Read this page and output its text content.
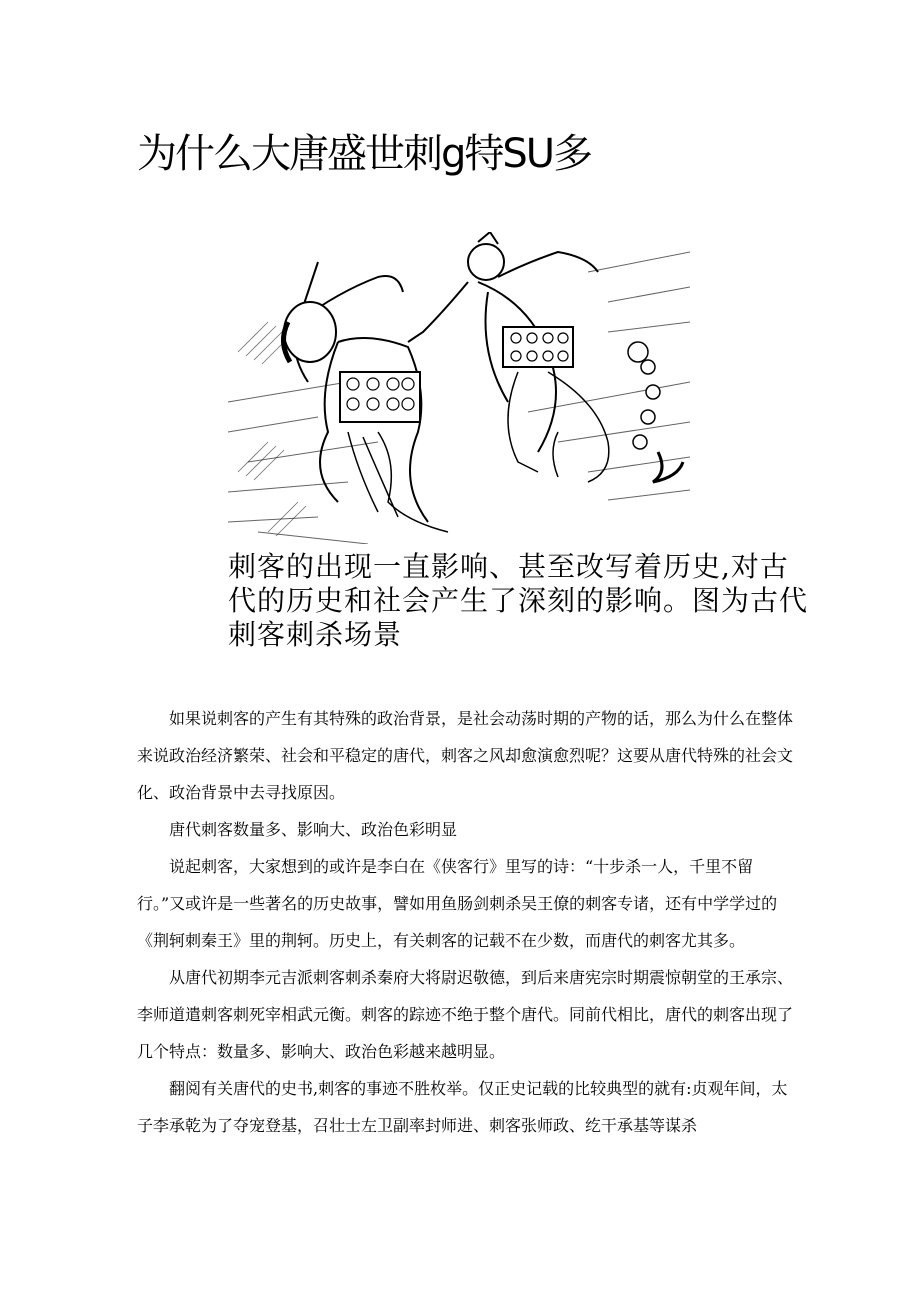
为什么大唐盛世刺g特SU多
刺客的出现一直影响、甚至改写着历史,对古
代的历史和社会产生了深刻的影响。图为古代
刺客刺杀场景

如果说刺客的产生有其特殊的政治背景，是社会动荡时期的产物的话，那么为什么在整体来说政治经济繁荣、社会和平稳定的唐代，刺客之风却愈演愈烈呢？这要从唐代特殊的社会文化、政治背景中去寻找原因。

唐代刺客数量多、影响大、政治色彩明显

说起刺客，大家想到的或许是李白在《侠客行》里写的诗：“十步杀一人，千里不留行。”又或许是一些著名的历史故事，譬如用鱼肠剑刺杀吴王僚的刺客专诸，还有中学学过的《荆轲刺秦王》里的荆轲。历史上，有关刺客的记载不在少数，而唐代的刺客尤其多。

从唐代初期李元吉派刺客刺杀秦府大将尉迟敬德，到后来唐宪宗时期震惊朝堂的王承宗、李师道遣刺客刺死宰相武元衡。刺客的踪迹不绝于整个唐代。同前代相比，唐代的刺客出现了几个特点：数量多、影响大、政治色彩越来越明显。

翻阅有关唐代的史书,刺客的事迹不胜枚举。仅正史记载的比较典型的就有:贞观年间，太子李承乾为了夺宠登基，召壮士左卫副率封师进、刺客张师政、纥干承基等谋杀
